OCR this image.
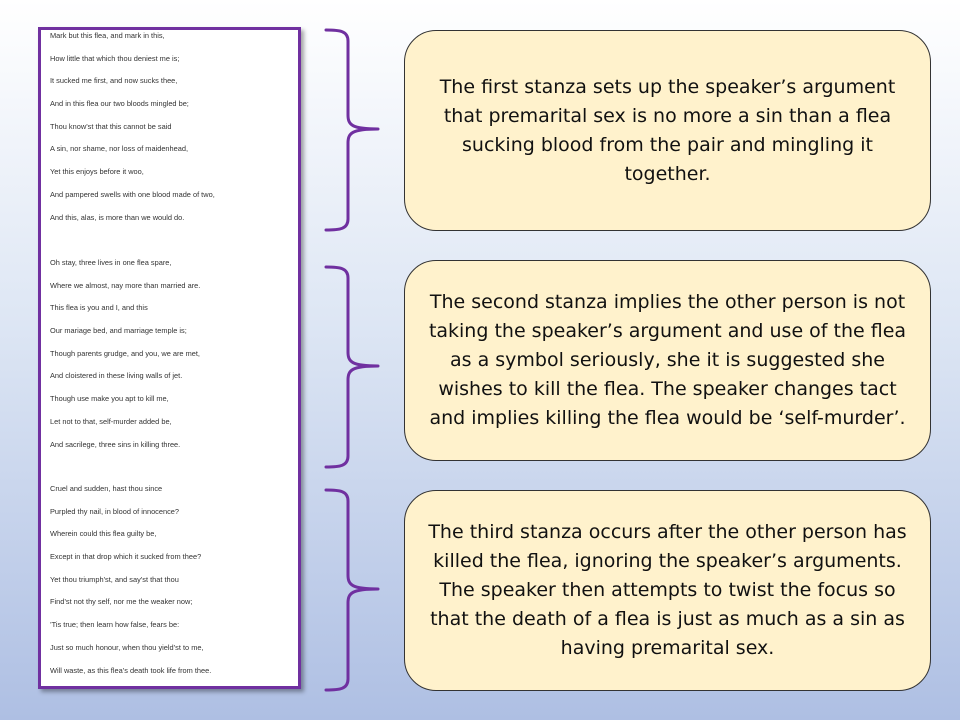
Mark but this flea, and mark in this,
How little that which thou deniest me is;
It sucked me first, and now sucks thee,
And in this flea our two bloods mingled be;
Thou know’st that this cannot be said
A sin, nor shame, nor loss of maidenhead,
Yet this enjoys before it woo,
And pampered swells with one blood made of two,
And this, alas, is more than we would do.
Oh stay, three lives in one flea spare,
Where we almost, nay more than married are.
This flea is you and I, and this
Our mariage bed, and marriage temple is;
Though parents grudge, and you, we are met,
And cloistered in these living walls of jet.
Though use make you apt to kill me,
Let not to that, self-murder added be,
And sacrilege, three sins in killing three.
Cruel and sudden, hast thou since
Purpled thy nail, in blood of innocence?
Wherein could this flea guilty be,
Except in that drop which it sucked from thee?
Yet thou triumph’st, and say’st that thou
Find’st not thy self, nor me the weaker now;
’Tis true; then learn how false, fears be:
Just so much honour, when thou yield’st to me,
Will waste, as this flea’s death took life from thee.
The first stanza sets up the speaker’s argument that premarital sex is no more a sin than a flea sucking blood from the pair and mingling it together.
The second stanza implies the other person is not taking the speaker’s argument and use of the flea as a symbol seriously, she it is suggested she wishes to kill the flea. The speaker changes tact and implies killing the flea would be ‘self-murder’.
The third stanza occurs after the other person has killed the flea, ignoring the speaker’s arguments. The speaker then attempts to twist the focus so that the death of a flea is just as much as a sin as having premarital sex.
